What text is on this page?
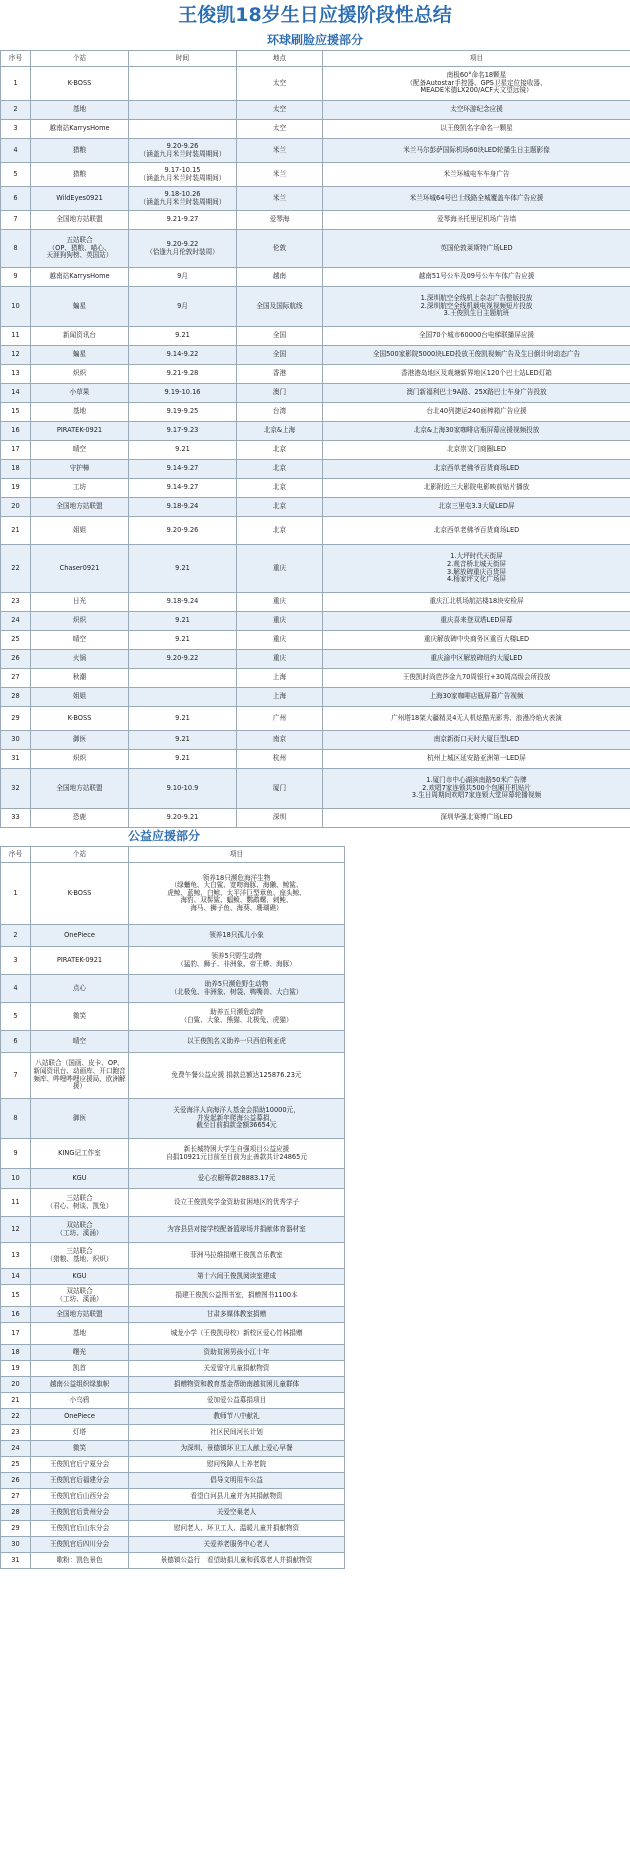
王俊凯18岁生日应援阶段性总结
环球刷脸应援部分
序号	个站	时间	地点	项目
1	K-BOSS		太空	南极60°命名18颗星
（配备Autostar手控器、GPS卫星定位接收器、
MEADE米德LX200/ACF天文望远镜）
2	基地		太空	太空环游纪念应援
3	越南站KarrysHome		太空	以王俊凯名字命名一颗星
4	猎粮	9.20-9.26
（涵盖九月米兰时装周期间）	米兰	米兰马尔彭萨国际机场60块LED轮播生日主题影像
5	猎粮	9.17-10.15
（涵盖九月米兰时装周期间）	米兰	米兰环城电车车身广告
6	WildEyes0921	9.18-10.26
（涵盖九月米兰时装周期间）	米兰	米兰环城64号巴士线路全城覆盖车体广告应援
7	全国地方站联盟	9.21-9.27	爱琴海	爱琴海圣托里尼机场广告墙
8	五站联合
（OP、猎粮、喵心、
天涯狗狗榜、英国站）	9.20-9.22
（恰逢九月伦敦时装周）	伦敦	英国伦敦莱斯特广场LED
9	越南站KarrysHome	9月	越南	越南51号公车及09号公车车体广告应援
10	蝙星	9月	全国及国际航线	1.深圳航空全线机上杂志广告整版投放
2.深圳航空全线机载电视视频短片投放
3.王俊凯生日主题航班
11	新闻资讯台	9.21	全国	全国70个城市60000台电梯联播屏应援
12	蝙星	9.14-9.22	全国	全国500家影院5000块LED投放王俊凯视频广告及生日倒计时动态广告
13	炽炽	9.21-9.28	香港	香港港岛地区及观塘新界地区120个巴士站LED灯箱
14	小草果	9.19-10.16	澳门	澳门新福利巴士9A路、25X路巴士车身广告投放
15	基地	9.19-9.25	台湾	台北40列捷运240面棒箱广告应援
16	PIRATEK-0921	9.17-9.23	北京&上海	北京&上海30家咖啡店瓶屏幕应援视频投放
17	晴空	9.21	北京	北京崇文门商圈LED
18	守护樟	9.14-9.27	北京	北京西单老佛爷百货商场LED
19	工坊	9.14-9.27	北京	北影附近三大影院电影映前贴片播放
20	全国地方站联盟	9.18-9.24	北京	北京三里屯3.3大厦LED屏
21	姐姐	9.20-9.26	北京	北京西单老佛爷百货商场LED
22	Chaser0921	9.21	重庆	1.大坪时代天街屏
2.观音桥北城天街屏
3.解放碑重庆百货屏
4.杨家坪文化广场屏
23	日光	9.18-9.24	重庆	重庆江北机场航站楼18块安检屏
24	炽炽	9.21	重庆	重庆喜来登双塔LED屏幕
25	晴空	9.21	重庆	重庆解放碑中央商务区重百大楼LED
26	火锅	9.20-9.22	重庆	重庆渝中区解放碑纽约大厦LED
27	秋潮		上海	王俊凯时尚芭莎金九70周银行+30周高级会所投放
28	姐姐		上海	上海30家咖啡店瓶屏幕广告视频
29	K-BOSS	9.21	广州	广州塔18架大疆精灵4无人机炫酷光影秀、浪漫冷焰火表演
30	御医	9.21	南京	南京新街口天时大厦巨型LED
31	炽炽	9.21	杭州	杭州上城区延安路亚洲第一LED屏
32	全国地方站联盟	9.10-10.9	厦门	1.厦门市中心湖滨南路50米广告牌
2.欢唱7家连锁共500个包厢开机贴片
3.生日周期间欢唱7家连锁大堂屏幕轮播视频
33	恐鹿	9.20-9.21	深圳	深圳华强北赛博广场LED
公益应援部分
序号	个站	项目
1	K-BOSS	领养18只濒危海洋生物
（绿蠵龟、大白鲨、宽吻海豚、海獭、鲸鲨、
虎鲸、蓝鲸、白鲸、太平洋巨型章鱼、座头鲸、
海豹、双髻鲨、蝠鲼、鹦鹉螺、刺鲀、
海马、狮子鱼、海葵、珊瑚礁）
2	OnePiece	领养18只孤儿小象
3	PIRATEK-0921	领养5只野生动物
（猛豹、狮子、非洲象、帝王蟒、海豚）
4	点心	助养5只濒危野生动物
（北极兔、非洲象、树袋、鸭嘴兽、大白鲨）
5	微笑	助养五只濒危动物
（白鲨、大象、熊猫、北极兔、虎猫）
6	晴空	以王俊凯名义助养一只西伯利亚虎
7	八站联合（国画、皮卡、OP、新闻资讯台、动画库、开口跑音频库、哔哩哔哩应援局、欧洲解援）	免费午餐公益应援 捐款总额达125876.23元
8	御医	关爱海洋人向海洋人基金会捐助10000元，
并发起新年爬海公益募捐，
截至目前捐款金额36654元
9	KING记工作室	新长城特困大学生自强项目公益应援
自捐10921元目前至目前为止善款共计24865元
10	KGU	爱心衣橱筹款28883.17元
11	三站联合
（君心、树谈、凯兔）	设立王俊凯奖学金资助贫困地区的优秀学子
12	双站联合
（工坊、溪涌）	为容县县对接学校配备篮球场并捐献体育器材室
13	三站联合
（猎粮、基地、炽炽）	菲洲马拉维捐赠王俊凯音乐教室
14	KGU	第十六间王俊凯阅读室建成
15	双站联合
（工坊、溪涌）	捐建王俊凯公益图书室，捐赠图书1100本
16	全国地方站联盟	甘肃多媒体教室捐赠
17	基地	城龙小学（王俊凯母校）新校区爱心竹林捐赠
18	曙光	资助贫困男孩小江十年
19	凯首	关爱留守儿童捐献物资
20	越南公益组织绿旗帜	捐赠物资和教育基金帮助南越贫困儿童群体
21	小乌鸦	爱加爱公益募捐项目
22	OnePiece	教师节八中献礼
23	灯塔	社区民间河长计划
24	微笑	为深圳、景德镇环卫工人献上爱心早餐
25	王俊凯官后宁夏分会	慰问残障人士养老院
26	王俊凯官后福建分会	倡导文明用车公益
27	王俊凯官后山西分会	看望白河县儿童并为其捐献物资
28	王俊凯官后贵州分会	关爱空巢老人
29	王俊凯官后山东分会	慰问老人、环卫工人、温暖儿童并捐献物资
30	王俊凯官后四川分会	关爱养老服务中心老人
31	歌粉：凯色景色	景德镇公益行　看望助捐儿童和孤寡老人并捐献物资
